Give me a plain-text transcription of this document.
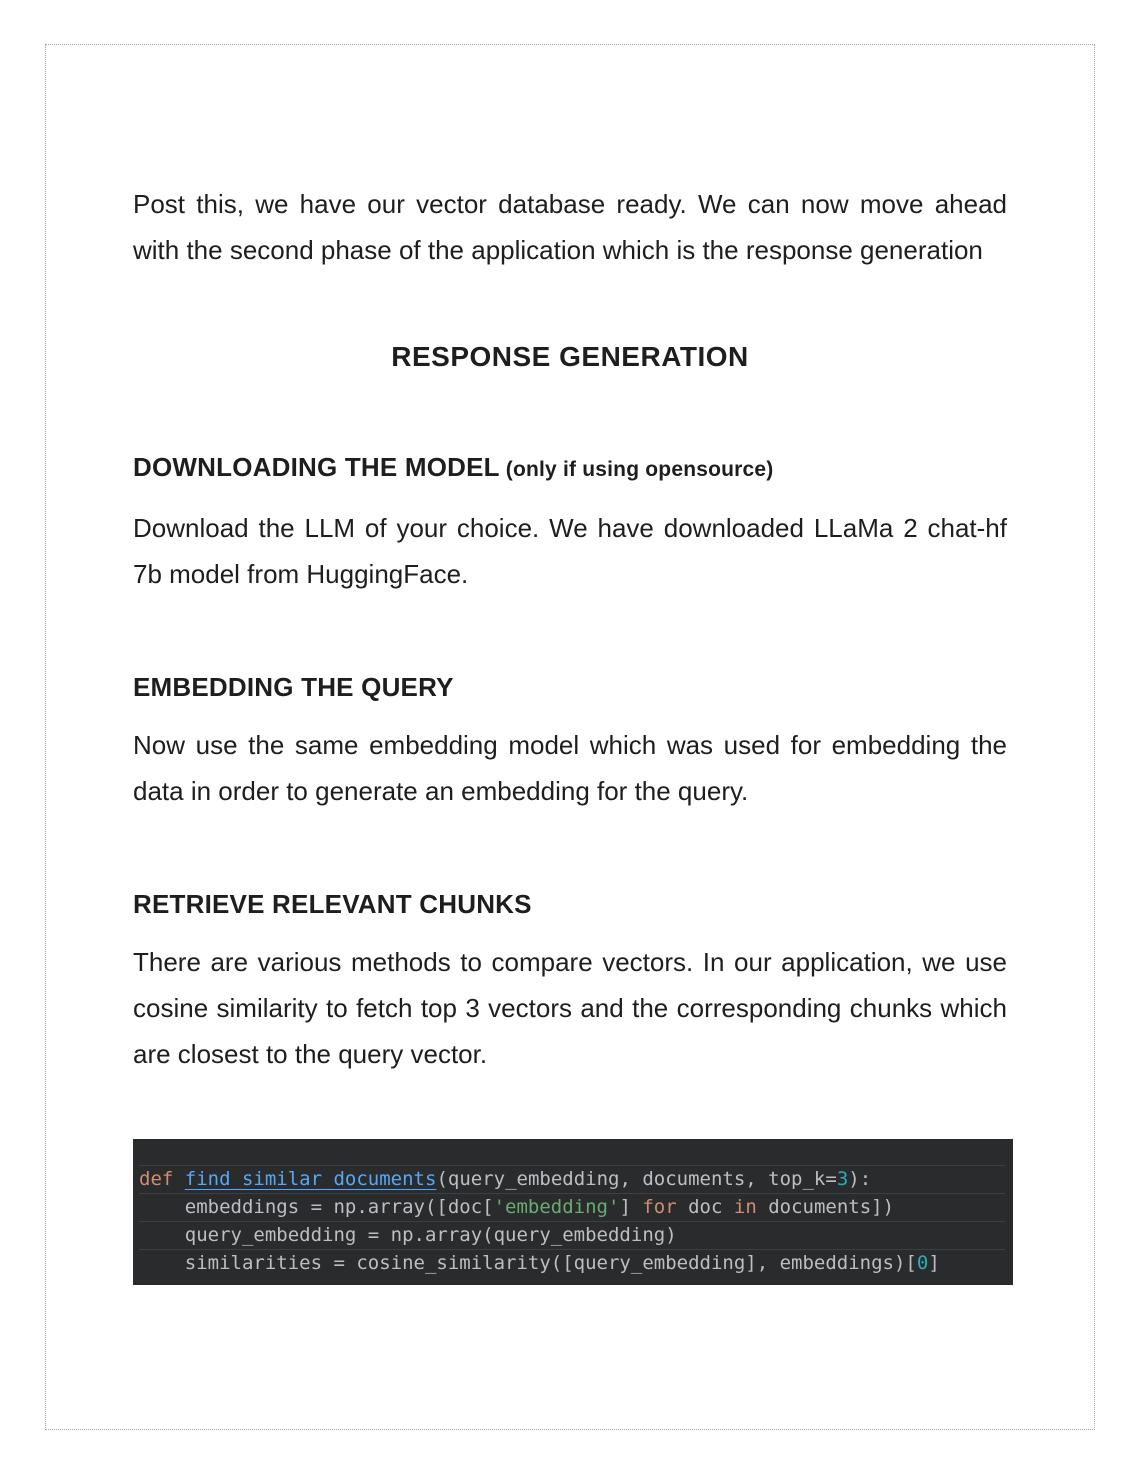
Post this, we have our vector database ready. We can now move ahead with the second phase of the application which is the response generation

RESPONSE GENERATION
DOWNLOADING THE MODEL (only if using opensource)

Download the LLM of your choice. We have downloaded LLaMa 2 chat-hf 7b model from HuggingFace.

EMBEDDING THE QUERY

Now use the same embedding model which was used for embedding the data in order to generate an embedding for the query.

RETRIEVE RELEVANT CHUNKS

There are various methods to compare vectors. In our application, we use cosine similarity to fetch top 3 vectors and the corresponding chunks which are closest to the query vector.

def find_similar_documents(query_embedding, documents, top_k=3):
embeddings = np.array([doc['embedding'] for doc in documents])
query_embedding = np.array(query_embedding)
similarities = cosine_similarity([query_embedding], embeddings)[0]
